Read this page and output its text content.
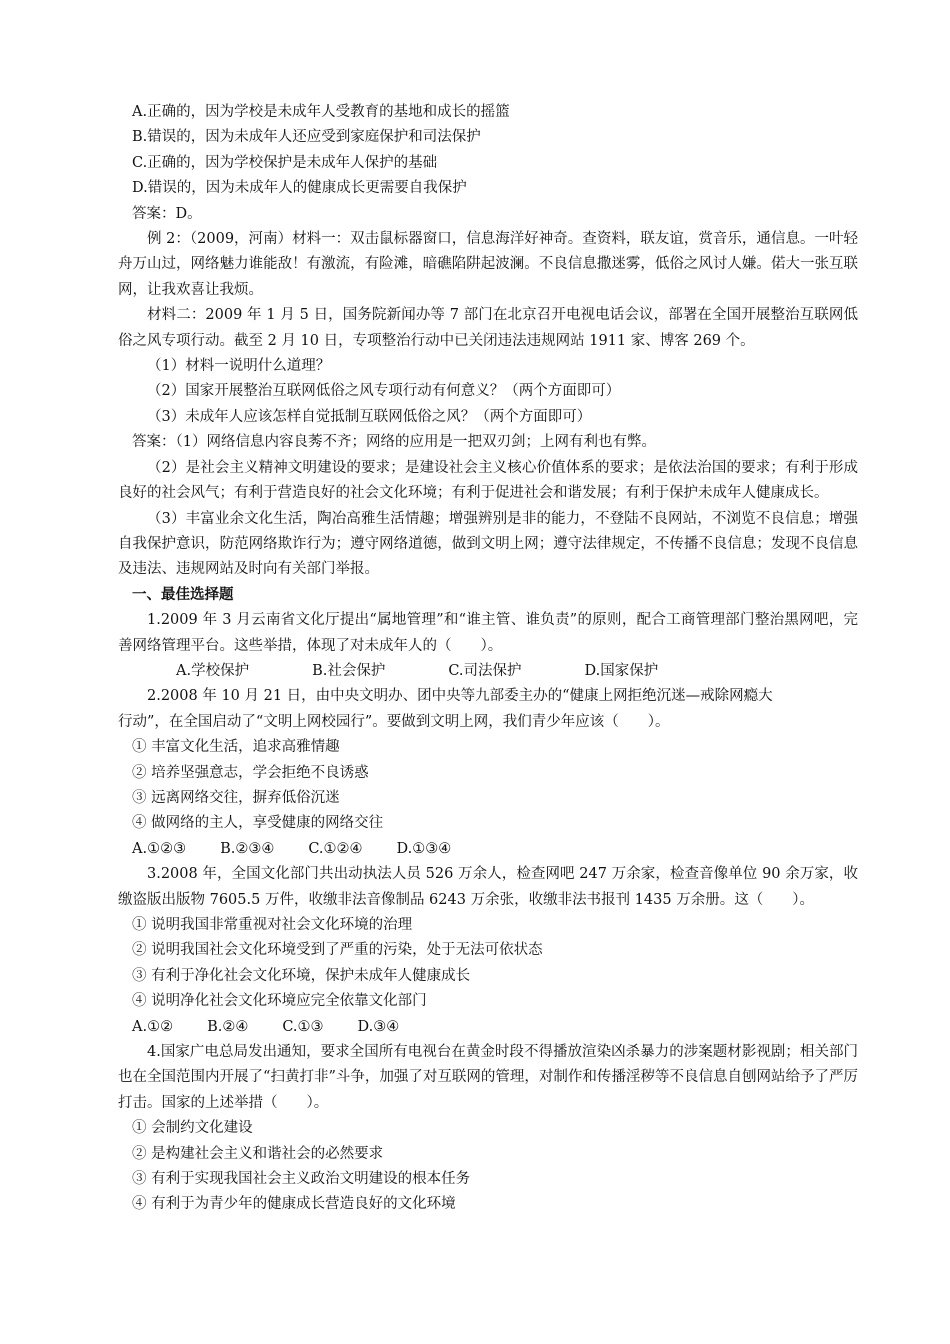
A.正确的，因为学校是未成年人受教育的基地和成长的摇篮

B.错误的，因为未成年人还应受到家庭保护和司法保护

C.正确的，因为学校保护是未成年人保护的基础

D.错误的，因为未成年人的健康成长更需要自我保护

答案：D。

例 2：（2009，河南）材料一：双击鼠标器窗口，信息海洋好神奇。查资料，联友谊，赏音乐，通信息。一叶轻舟万山过，网络魅力谁能敌！有激流，有险滩，暗礁陷阱起波澜。不良信息撒迷雾，低俗之风讨人嫌。偌大一张互联网，让我欢喜让我烦。

材料二：2009 年 1 月 5 日，国务院新闻办等 7 部门在北京召开电视电话会议，部署在全国开展整治互联网低俗之风专项行动。截至 2 月 10 日，专项整治行动中已关闭违法违规网站 1911 家、博客 269 个。

（1）材料一说明什么道理？

（2）国家开展整治互联网低俗之风专项行动有何意义？（两个方面即可）

（3）未成年人应该怎样自觉抵制互联网低俗之风？（两个方面即可）

答案：（1）网络信息内容良莠不齐；网络的应用是一把双刃剑；上网有利也有弊。

（2）是社会主义精神文明建设的要求；是建设社会主义核心价值体系的要求；是依法治国的要求；有利于形成良好的社会风气；有利于营造良好的社会文化环境；有利于促进社会和谐发展；有利于保护未成年人健康成长。

（3）丰富业余文化生活，陶冶高雅生活情趣；增强辨别是非的能力，不登陆不良网站，不浏览不良信息；增强自我保护意识，防范网络欺诈行为；遵守网络道德，做到文明上网；遵守法律规定，不传播不良信息；发现不良信息及违法、违规网站及时向有关部门举报。

一、最佳选择题

1.2009 年 3 月云南省文化厅提出“属地管理”和“谁主管、谁负责”的原则，配合工商管理部门整治黑网吧，完善网络管理平台。这些举措，体现了对未成年人的（　　）。

A.学校保护	B.社会保护	C.司法保护	D.国家保护

2.2008 年 10 月 21 日，由中央文明办、团中央等九部委主办的“健康上网拒绝沉迷—戒除网瘾大

行动”，在全国启动了“文明上网校园行”。要做到文明上网，我们青少年应该（　　）。

① 丰富文化生活，追求高雅情趣

② 培养坚强意志，学会拒绝不良诱惑

③ 远离网络交往，摒弃低俗沉迷

④ 做网络的主人，享受健康的网络交往

A.①②③ B.②③④ C.①②④ D.①③④

3.2008 年，全国文化部门共出动执法人员 526 万余人，检查网吧 247 万余家，检查音像单位 90 余万家，收缴盗版出版物 7605.5 万件，收缴非法音像制品 6243 万余张，收缴非法书报刊 1435 万余册。这（　　）。

① 说明我国非常重视对社会文化环境的治理

② 说明我国社会文化环境受到了严重的污染，处于无法可依状态

③ 有利于净化社会文化环境，保护未成年人健康成长

④ 说明净化社会文化环境应完全依靠文化部门

A.①② B.②④ C.①③ D.③④

4.国家广电总局发出通知，要求全国所有电视台在黄金时段不得播放渲染凶杀暴力的涉案题材影视剧；相关部门也在全国范围内开展了“扫黄打非”斗争，加强了对互联网的管理，对制作和传播淫秽等不良信息自刨网站给予了严厉打击。国家的上述举措（　　）。

① 会制约文化建设

② 是构建社会主义和谐社会的必然要求

③ 有利于实现我国社会主义政治文明建设的根本任务

④ 有利于为青少年的健康成长营造良好的文化环境
